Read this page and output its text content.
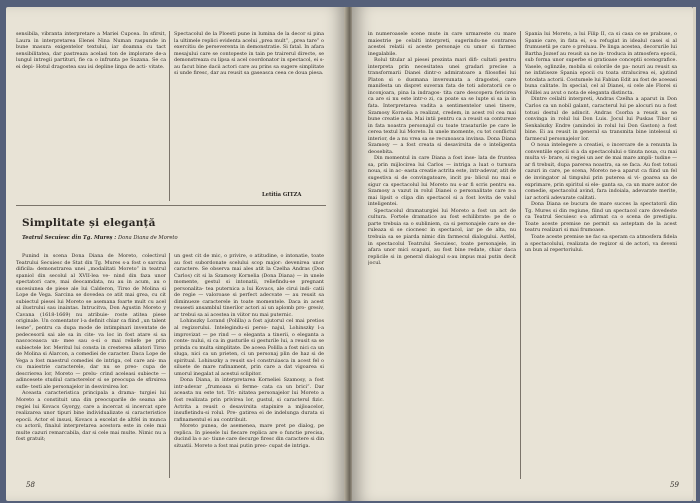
sensibila, vibranta interpretare a Mariei Cupcea. In sfirsit, Laura in interpretarea Elenei Nina Numan raspunde in bune masura exigentelor textului, iar doamna cu tact sensibilitatea, dar pastreaza acelasi ton de implorare de-a lungul intregii partituri, fie ca o infrunta pe Suzana. Se ca ei depi- Hotul dragostea sau isi depline linpa de acti- vitate.

Spectacolul de la Ploesti pune in lumina de la decor si pina la ultimele replici evidenta acelui „prea mult”, „prea tare” o exercitiu de perseverenta in demonstratie. Si fatal. In afara mesajului care se contopeste in tain pe trairerul directe, se demonstreaza cu lipsa si acel coordonator in spectacol, ei s-au facut bine dacii actori care au prins sa sugere simplitate si unde firesc, dar au reusit sa gaseasca ceea ce doua piesa.

Letitia GITZA
Simplitate și eleganță
Teatrul Secuiesc din Tg. Mureș : Dona Diana de Moreto

Punind in scena Dona Diana de Moreto, colectivul Teatrului Secuiesc de Stat din Tg. Mures s-a fost o sarcina dificila: demonstrarea unei „modalitati Moreto” in teatrul spaniol din secolul al XVII-lea ve- nind din faza unor spectatori care, mai deocamdata, nu au in acum, au o sucesiunea de piese ale lui Calderon, Tirso de Molina si Lope de Vega. Sarcina se dovedea ce atit mai grea, cu cit subiectul piesei lui Moreto se asemana foarte mult cu acel al ilustrului sau inaintas. Intrucitva, Don Agustin Moreto y Cavana (1618-1669) nu atribuie- roste atitea piese originale. Un comentator l-a definit chiar ca fiind „un talent lesne”, pentru ca dupa mode de intimpinari inventate de pedecesorii sai ale sa in cite- va loc in fost atare si sa nascoceasca un- mee sau o-si o mai reliefe pe prin subiectele lor. Meritul lui consta in cresterea allatori Tirso de Molina si Alarcon, a comediei de caracter. Daca Lope de Vega a fost maestrul comediei de intriga, cel care ani- ma cu maiestrie caracterele, dar nu se preo- cupa de descrierea lor, Moreto — prelu- crind aceleasi subiecte — adincesete studiul caracterelor si se preocupa de sfirsirea sufle- testi ale personajelor in desvirsirea lor.

Aceasta caracteristica principala a drama- turgiei lui Moreto a constituit una din preocuparile de seama ale regiei lui Kovacs Gyorgy, care a incercat si incercat spre realizarea unor tipuri bine individualizate si caracteristice epocii. Actor el insusi, Kovacs a excelat de altfel in munca cu actorii, finalul interpretarea acestora este in cele mai multe cazuri remarcabila, dar si cele mai multe. Nimic nu a fost gratuit;

un gest cit de mic, o privire, o atitudine, o intonatie, toate au fost subordonate scelului scop major: devenirea unor caractere. Se observa mai ales atit la Czelha Andras (Don Carlos) cit si la Szamosy Kornelia (Dona Diana) — in unele momente, gestul si intonatii, reliefindu-se pregnant personalita- tea puternica a lui Kovacs, ale cirui indi- catii de regie — valoroase si perfect adecvate — au reusit sa diminueze caracterele in toate momentele. Daca in acest reusesti ansamblul tinerilor actori ai un aplomb pro- gresiv, ar trebui sa ai acestea in viitor nu mai puternic.

Lohinszky Lorand (Polilla) a fost ajutorul cel mai pretios al regizorului. Intelegindu-si perso- najul, Lohinszky l-a improvizat — pe rind — o eleganta a tinerii, o eleganta a conte- nului, si ca in gusturile si gesturile lui, a reusit sa se prinda cu multa simplitate. De aceea Polilla a fost nici ca un sluga, nici ca un prieten, ci un personaj plin de haz si de spiritual. Lohinszky a reusit sa-l construiasca in acest fel o siluete de mare rafinament, prin care a dat vigoarea si umorul inegalat al acestui sclipitor.

Dona Diana, in interpretarea Korneliei Szamosy, a fost intr-adevar „frumoasa si ferme- cata ca un brici”. Dar aceasta nu este tot. Tri- nitatea personajelor lui Moreto a fost realizata prin privirea lor, gustul, si caracterul fizic. Actrita a reusit o desavirsita stapinire a mijloacelor, insufletindu-si rolul. Pre- gatirea ei de indelunga durata si rafinamentul ei au contribuit.

Moreto punea, de asemenea, mare pret pe dialog, pe replica. In piesele lui fiecare replica are o functie precisa, ducind la o ac- tiune care decurge firesc din caractere si din situatii. Moreto a fost mai putin preo- cupat de intriga.

58

in numeroasele scene mute in care urmareste cu mare maiestrie pe celalti interpreti, sugerindu-ne contrarea acestei relatii si aceste personaje cu umor si farmec inegalabile.

Rolul titular al piesei prezinta mari difi- cultati pentru interpreta prin necesitatea unei gradari precise a transformarii Dianei dintr-o admiratoare a filosofiei lui Platon si o dusmana inversunata a dragostei, care manifesta un dispret suveran fata de toti adoratorii ce o inconjoara, pina la indragos- tita care descopera fericirea ca are si nu este intr-o zi, ca poate sa se lupte si sa ia in fata. Interpretarea vadita a sentimentelor unei tinere, Szamosy Kornelia a realizat, credem, in acest rol cea mai bune creatie a sa. Mai intii pentru ca a reusit sa contureze in fata noastra personajul cu toate trasaturile pe care le cerea textul lui Moreto. In unele momente, cu tot conflictul interior, de a nu vrea sa se recunoasca invinsa. Dona Diana Szamosy — a fost creata si desavirsita de o inteligenta deosebita.

Din momentul in care Diana a fost inse- lata de fruntea sa, prin mijlocirea lui Carlos — intriga a luat o turnura noua, si in ac- easta creatie actrita este, intr-adevar, atit de sugestiva si de convingatoare, incit pu- blicul nu mai e sigur ca spectacolul lui Moreto nu s-ar fi scris pentru ea. Szamosy a vazut in rolul Dianei o personalitate care n-a mai lipsit o clipa din spectacol si a fost lovita de valul inteligentei.

Spectacolul dramaturgiei lui Moreto a fost un act de cultura. Fortele dramatice au fost echilibrate: pe de o parte trebuia sa o subliniem, ca si personajele care se de- ruleaza si se ciocnesc in spectacol, iar pe de alta, nu trebuia sa se piarda nimic din farmecul dialogului. Astfel, in spectacolul Teatrului Secuiesc, toate personajele, in afara unor mici scapari, au fost bine redate, chiar daca replicile si in general dialogul s-au impus mai putin decit jocul.

Spania lui Moreto, a lui Filip II, ca si casa ce se prabuse, o Spanie care, in fata ei, s-a refugiat in idealul casei si al frumusetii pe care o preluau. Pe linga acestea, decorurile lui Bartha Jozsef au reusit sa ne in- troduca in atmosfera epocii, sub forma unor superbe si gratioase conceptii scenografice. Vasele, oglinzile, mobila si colorile de pa- nouri au reusit sa ne infatiseze Spania epocii cu toata stralucirea ei, ajutind totodata actorii. Costumele lui Fabian Edit au fost de aceeasi buna calitate. In special, cel al Dianei, si cele ale Florei si Polillei au avut o nota de eleganta distincta.

Dintre ceilalti interpreti, Andras Czelha a aparut in Don Carlos ca un nobil galant, caracterul lui pe alocuri nu a fost totusi destul de adincit. Andras Csorba a reusit sa ne convinga in rolul lui Don Luis. Jocul lui Puskas Tibor si Senkalszky Endre (amindoi in rolul lui Don Gaston) a fost bine. Ei au reusit in general sa transmita bine intelesul si farmecul personajelor lor.

O noua intelegere a creatiei, o incercare de a renunta la conventiile epocii si a da spectacolului o tinuta noua, cu mai multa vi- brare, si regiei un aer de mai mare ampli- tudine — ar fi trebuit, dupa parerea noastra, sa se faca. Au fost totusi cazuri in care, pe scena, Moreto ne-a aparut ca fiind un fel de invingator al timpului prin puterea si vi- goarea sa de exprimare, prin spiritul si ele- ganta sa, ca un mare autor de comedie, spectacolul avind, fara indoiala, adevarate merite, iar actorii adevarate calitati.

Dona Diana se bucura de mare succes la spectatorii din Tg. Mures si din regiune, fiind un spectacol care dovedeste ca Teatrul Secuiesc s-a afirmat ca o scena de prestigiu. Toate aceste premise ne permit sa asteptam de la acest teatru realizari si mai frumoase.

Toate aceste premise ne fac sa speram ca atmosfera fidela a spectacolului, realizata de regizor si de actori, va deveni un bun al repertoriului.

59
